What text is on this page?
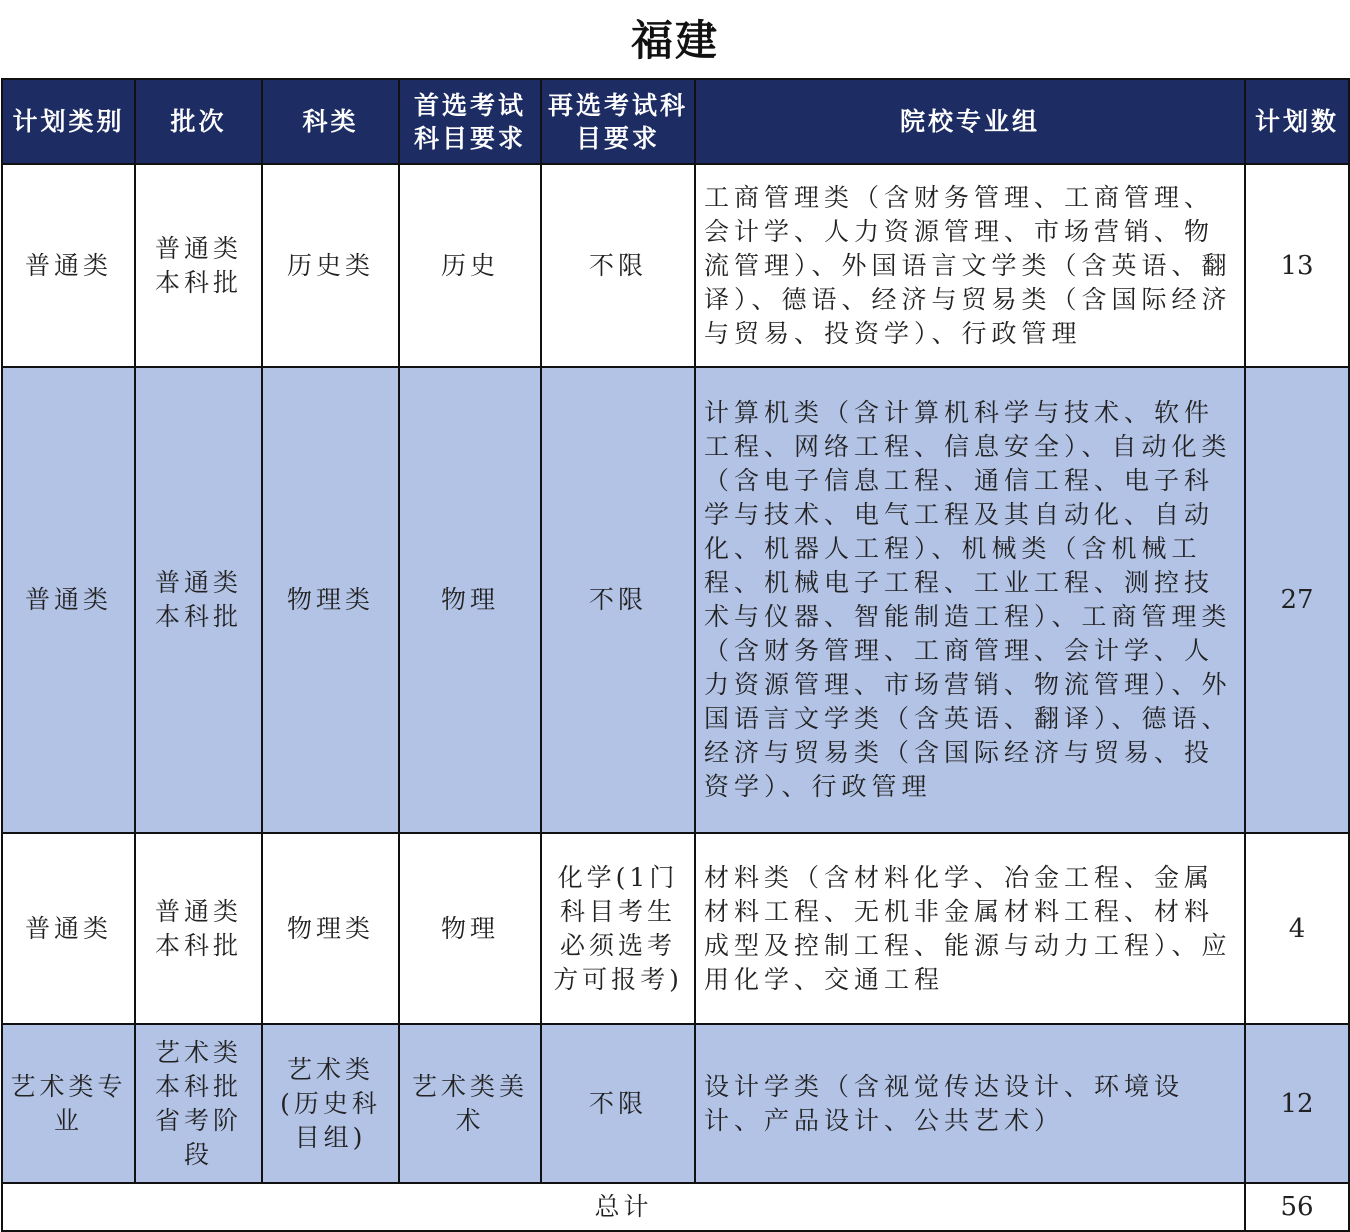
福建
计划类别	批次	科类	首选考试科目要求	再选考试科目要求	院校专业组	计划数
普通类	普通类本科批	历史类	历史	不限	工商管理类（含财务管理、工商管理、会计学、人力资源管理、市场营销、物流管理）、外国语言文学类（含英语、翻译）、德语、经济与贸易类（含国际经济与贸易、投资学）、行政管理	13
普通类	普通类本科批	物理类	物理	不限	计算机类（含计算机科学与技术、软件工程、网络工程、信息安全）、自动化类（含电子信息工程、通信工程、电子科学与技术、电气工程及其自动化、自动化、机器人工程）、机械类（含机械工程、机械电子工程、工业工程、测控技术与仪器、智能制造工程）、工商管理类（含财务管理、工商管理、会计学、人力资源管理、市场营销、物流管理）、外国语言文学类（含英语、翻译）、德语、经济与贸易类（含国际经济与贸易、投资学）、行政管理	27
普通类	普通类本科批	物理类	物理	化学(1门科目考生必须选考方可报考)	材料类（含材料化学、冶金工程、金属材料工程、无机非金属材料工程、材料成型及控制工程、能源与动力工程）、应用化学、交通工程	4
艺术类专业	艺术类本科批省考阶段	艺术类(历史科目组)	艺术类美术	不限	设计学类（含视觉传达设计、环境设计、产品设计、公共艺术）	12
总计						56
